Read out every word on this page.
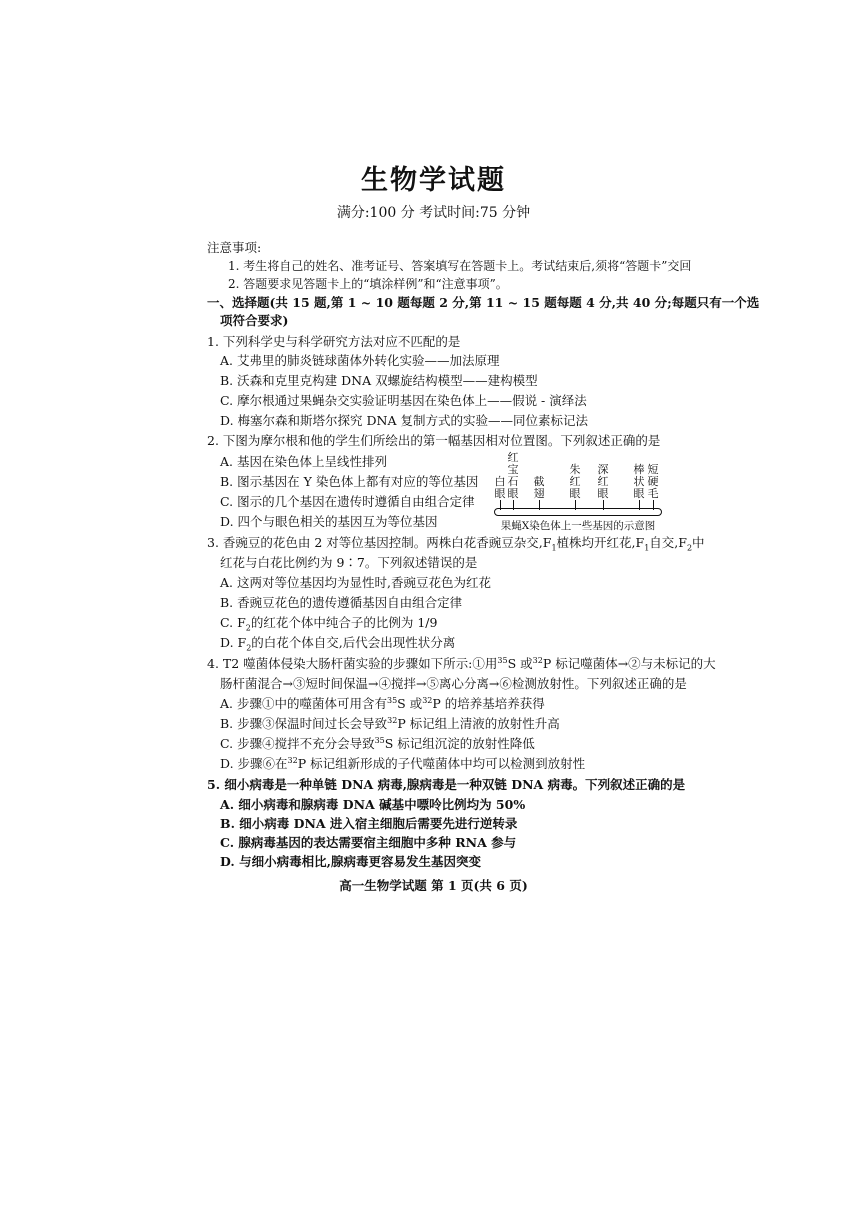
生物学试题
满分:100 分 考试时间:75 分钟
注意事项:
1. 考生将自己的姓名、准考证号、答案填写在答题卡上。考试结束后,须将“答题卡”交回
2. 答题要求见答题卡上的“填涂样例”和“注意事项”。
一、选择题(共 15 题,第 1 ~ 10 题每题 2 分,第 11 ~ 15 题每题 4 分,共 40 分;每题只有一个选
项符合要求)
1. 下列科学史与科学研究方法对应不匹配的是
A. 艾弗里的肺炎链球菌体外转化实验——加法原理
B. 沃森和克里克构建 DNA 双螺旋结构模型——建构模型
C. 摩尔根通过果蝇杂交实验证明基因在染色体上——假说 - 演绎法
D. 梅塞尔森和斯塔尔探究 DNA 复制方式的实验——同位素标记法
2. 下图为摩尔根和他的学生们所绘出的第一幅基因相对位置图。下列叙述正确的是
A. 基因在染色体上呈线性排列
B. 图示基因在 Y 染色体上都有对应的等位基因
C. 图示的几个基因在遗传时遵循自由组合定律
D. 四个与眼色相关的基因互为等位基因
白眼
红宝石眼
截翅
朱红眼
深红眼
棒状眼
短硬毛
果蝇X染色体上一些基因的示意图
3. 香豌豆的花色由 2 对等位基因控制。两株白花香豌豆杂交$,F_1$植株均开红花$,F_1$自交$,F_2$中
红花与白花比例约为 9∶7。下列叙述错误的是
A. 这两对等位基因均为显性时,香豌豆花色为红花
B. 香豌豆花色的遗传遵循基因自由组合定律
C. $F_2$的红花个体中纯合子的比例为 1/9
D. $F_2$的白花个体自交,后代会出现性状分离
4. T2 噬菌体侵染大肠杆菌实验的步骤如下所示:①用$^{35}$S 或$^{32}$P 标记噬菌体→②与未标记的大
肠杆菌混合→③短时间保温→④搅拌→⑤离心分离→⑥检测放射性。下列叙述正确的是
A. 步骤①中的噬菌体可用含有$^{35}$S 或$^{32}$P 的培养基培养获得
B. 步骤③保温时间过长会导致$^{32}$P 标记组上清液的放射性升高
C. 步骤④搅拌不充分会导致$^{35}$S 标记组沉淀的放射性降低
D. 步骤⑥在$^{32}$P 标记组新形成的子代噬菌体中均可以检测到放射性
5. 细小病毒是一种单链 DNA 病毒,腺病毒是一种双链 DNA 病毒。下列叙述正确的是
A. 细小病毒和腺病毒 DNA 碱基中嘌呤比例均为 50%
B. 细小病毒 DNA 进入宿主细胞后需要先进行逆转录
C. 腺病毒基因的表达需要宿主细胞中多种 RNA 参与
D. 与细小病毒相比,腺病毒更容易发生基因突变
高一生物学试题 第 1 页(共 6 页)
